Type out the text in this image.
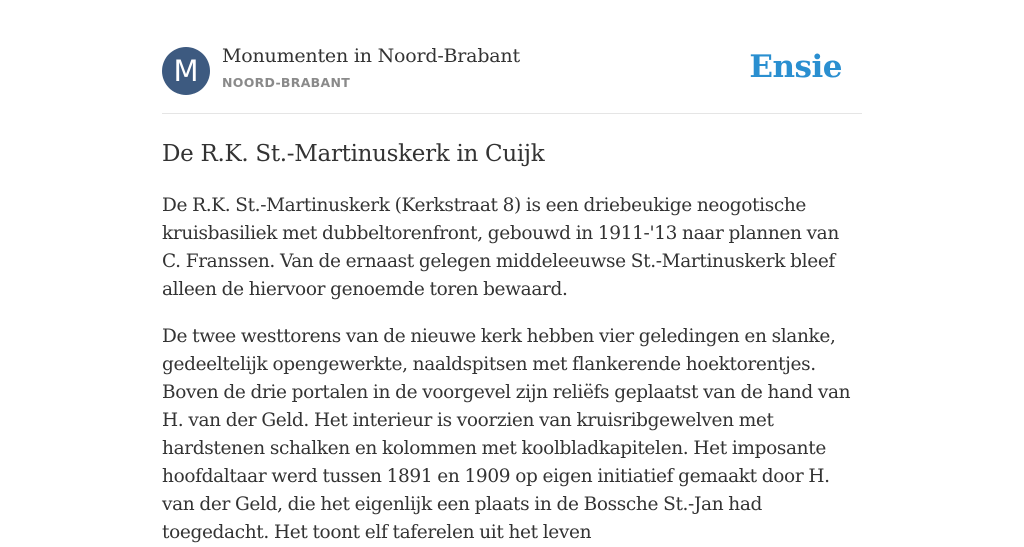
M	Monumenten in Noord-Brabant
NOORD-BRABANT	Ensie
De R.K. St.-Martinuskerk in Cuijk

De R.K. St.-Martinuskerk (Kerkstraat 8) is een driebeukige neogotische kruisbasiliek met dubbeltorenfront, gebouwd in 1911-'13 naar plannen van C. Franssen. Van de ernaast gelegen middeleeuwse St.-Martinuskerk bleef alleen de hiervoor genoemde toren bewaard.

De twee westtorens van de nieuwe kerk hebben vier geledingen en slanke, gedeeltelijk opengewerkte, naaldspitsen met flankerende hoektorentjes. Boven de drie portalen in de voorgevel zijn reliëfs geplaatst van de hand van H. van der Geld. Het interieur is voorzien van kruisribgewelven met hardstenen schalken en kolommen met koolbladkapitelen. Het imposante hoofdaltaar werd tussen 1891 en 1909 op eigen initiatief gemaakt door H. van der Geld, die het eigenlijk een plaats in de Bossche St.-Jan had toegedacht. Het toont elf taferelen uit het leven
